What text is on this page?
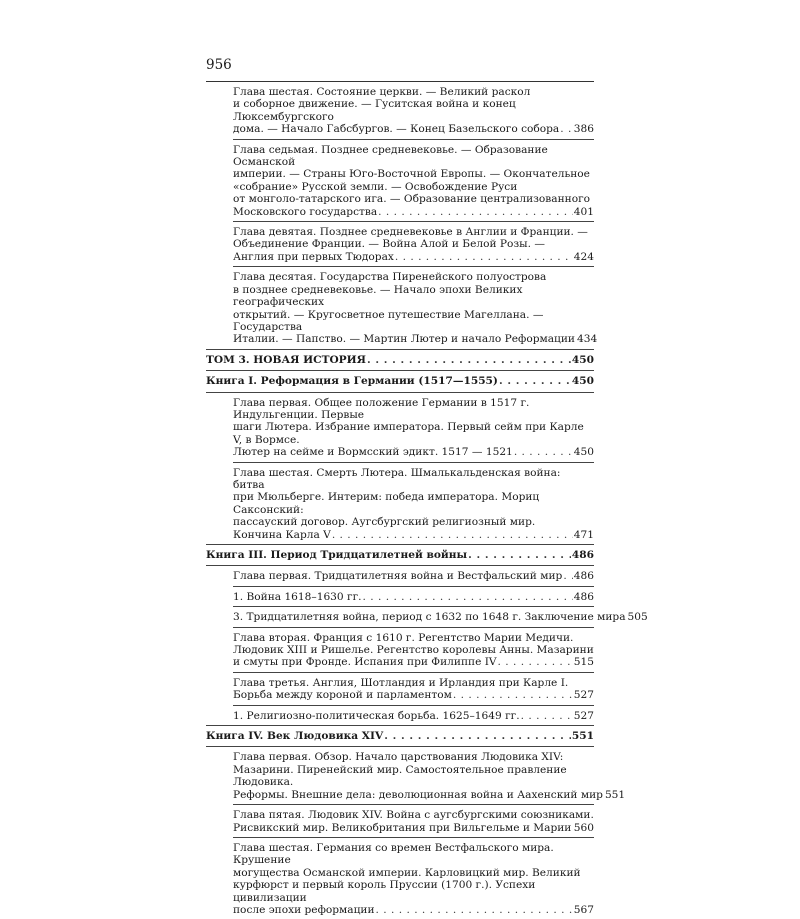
956
Глава шестая. Состояние церкви. — Великий раскол
и соборное движение. — Гуситская война и конец Люксембургского
дома. — Начало Габсбургов. — Конец Базельского собора . . . 386
Глава седьмая. Позднее средневековье. — Образование Османской
империи. — Страны Юго-Восточной Европы. — Окончательное
«собрание» Русской земли. — Освобождение Руси
от монголо-татарского ига. — Образование централизованного
Московского государства . . .	401
Глава девятая. Позднее средневековье в Англии и Франции. —
Объединение Франции. — Война Алой и Белой Розы. —
Англия при первых Тюдорах . . .	424
Глава десятая. Государства Пиренейского полуострова
в позднее средневековье. — Начало эпохи Великих географических
открытий. — Кругосветное путешествие Магеллана. — Государства
Италии. — Папство. — Мартин Лютер и начало Реформации 434
ТОМ 3. НОВАЯ ИСТОРИЯ . . .	450
Книга I. Реформация в Германии (1517—1555) . . .	450
Глава первая. Общее положение Германии в 1517 г. Индульгенции. Первые
шаги Лютера. Избрание императора. Первый сейм при Карле V, в Вормсе.
Лютер на сейме и Вормсский эдикт. 1517 — 1521 . . .	450
Глава шестая. Смерть Лютера. Шмалькальденская война: битва
при Мюльберге. Интерим: победа императора. Мориц Саксонский:
пассауский договор. Аугсбургский религиозный мир.
Кончина Карла V . . .	471
Книга III. Период Тридцатилетней войны . . .	486
Глава первая. Тридцатилетняя война и Вестфальский мир . . . 486
1. Война 1618–1630 гг. . . .	486
3. Тридцатилетняя война, период с 1632 по 1648 г. Заключение мира 505
Глава вторая. Франция с 1610 г. Регентство Марии Медичи.
Людовик XIII и Ришелье. Регентство королевы Анны. Мазарини
и смуты при Фронде. Испания при Филиппе IV . . .	515
Глава третья. Англия, Шотландия и Ирландия при Карле I.
Борьба между короной и парламентом . . .	527
1. Религиозно-политическая борьба. 1625–1649 гг. . . .	527
Книга IV. Век Людовика XIV . . .	551
Глава первая. Обзор. Начало царствования Людовика XIV:
Мазарини. Пиренейский мир. Самостоятельное правление Людовика.
Реформы. Внешние дела: деволюционная война и Аахенский мир 551
Глава пятая. Людовик XIV. Война с аугсбургскими союзниками.
Рисвикский мир. Великобритания при Вильгельме и Марии . . . 560
Глава шестая. Германия со времен Вестфальского мира. Крушение
могущества Османской империи. Карловицкий мир. Великий
курфюрст и первый король Пруссии (1700 г.). Успехи цивилизации
после эпохи реформации . . .	567
